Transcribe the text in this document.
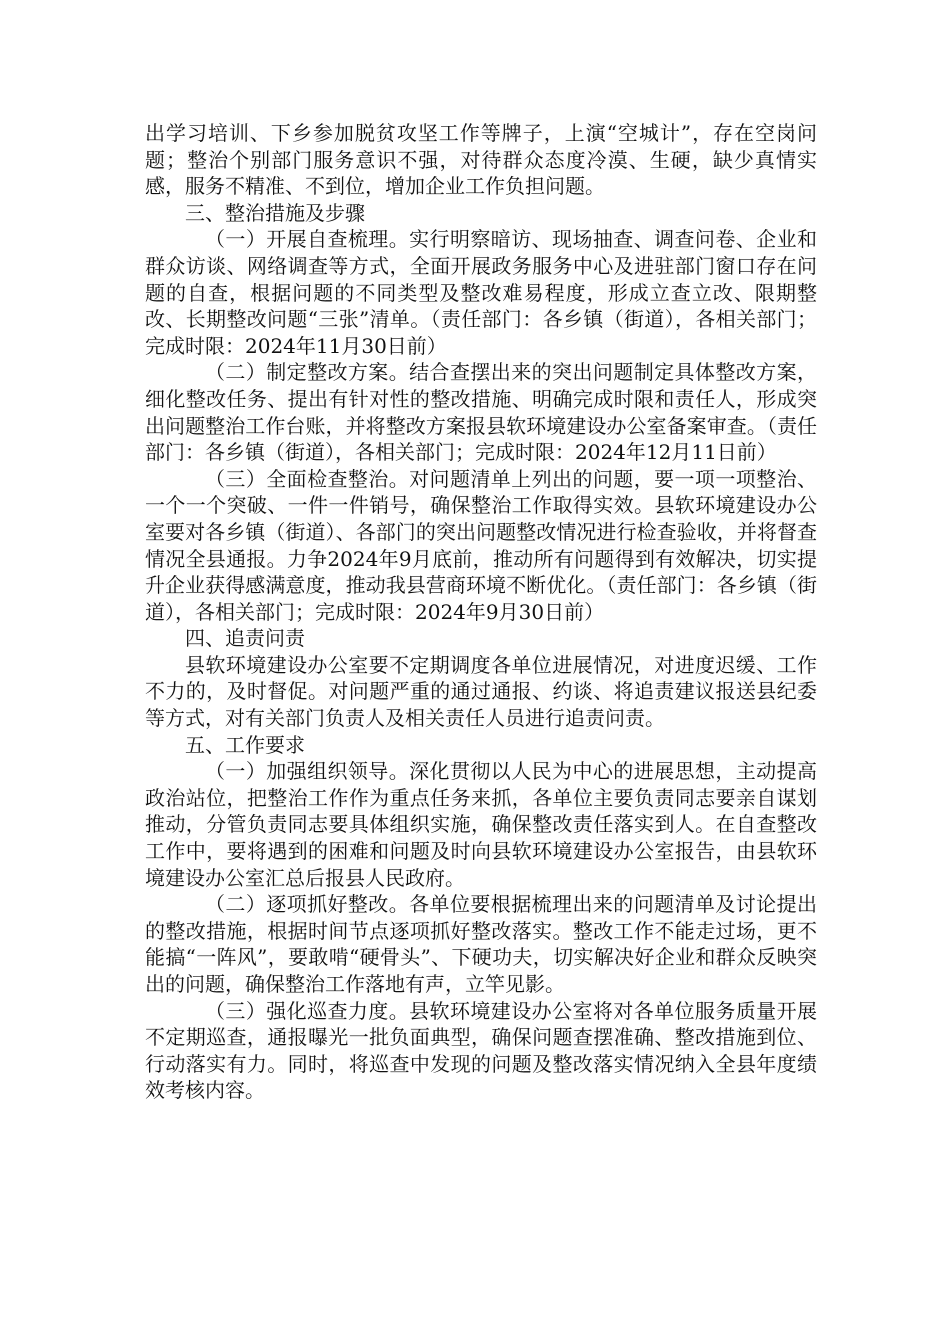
出学习培训、下乡参加脱贫攻坚工作等牌子，上演“空城计”，存在空岗问题；整治个别部门服务意识不强，对待群众态度冷漠、生硬，缺少真情实感，服务不精准、不到位，增加企业工作负担问题。

三、整治措施及步骤

（一）开展自查梳理。实行明察暗访、现场抽查、调查问卷、企业和群众访谈、网络调查等方式，全面开展政务服务中心及进驻部门窗口存在问题的自查，根据问题的不同类型及整改难易程度，形成立查立改、限期整改、长期整改问题“三张”清单。（责任部门：各乡镇（街道），各相关部门；完成时限：2024年11月30日前）

（二）制定整改方案。结合查摆出来的突出问题制定具体整改方案，细化整改任务、提出有针对性的整改措施、明确完成时限和责任人，形成突出问题整治工作台账，并将整改方案报县软环境建设办公室备案审查。（责任部门：各乡镇（街道），各相关部门；完成时限：2024年12月11日前）

（三）全面检查整治。对问题清单上列出的问题，要一项一项整治、一个一个突破、一件一件销号，确保整治工作取得实效。县软环境建设办公室要对各乡镇（街道）、各部门的突出问题整改情况进行检查验收，并将督查情况全县通报。力争2024年9月底前，推动所有问题得到有效解决，切实提升企业获得感满意度，推动我县营商环境不断优化。（责任部门：各乡镇（街道），各相关部门；完成时限：2024年9月30日前）

四、追责问责

县软环境建设办公室要不定期调度各单位进展情况，对进度迟缓、工作不力的，及时督促。对问题严重的通过通报、约谈、将追责建议报送县纪委等方式，对有关部门负责人及相关责任人员进行追责问责。

五、工作要求

（一）加强组织领导。深化贯彻以人民为中心的进展思想，主动提高政治站位，把整治工作作为重点任务来抓，各单位主要负责同志要亲自谋划推动，分管负责同志要具体组织实施，确保整改责任落实到人。在自查整改工作中，要将遇到的困难和问题及时向县软环境建设办公室报告，由县软环境建设办公室汇总后报县人民政府。

（二）逐项抓好整改。各单位要根据梳理出来的问题清单及讨论提出的整改措施，根据时间节点逐项抓好整改落实。整改工作不能走过场，更不能搞“一阵风”，要敢啃“硬骨头”、下硬功夫，切实解决好企业和群众反映突出的问题，确保整治工作落地有声，立竿见影。

（三）强化巡查力度。县软环境建设办公室将对各单位服务质量开展不定期巡查，通报曝光一批负面典型，确保问题查摆准确、整改措施到位、行动落实有力。同时，将巡查中发现的问题及整改落实情况纳入全县年度绩效考核内容。
